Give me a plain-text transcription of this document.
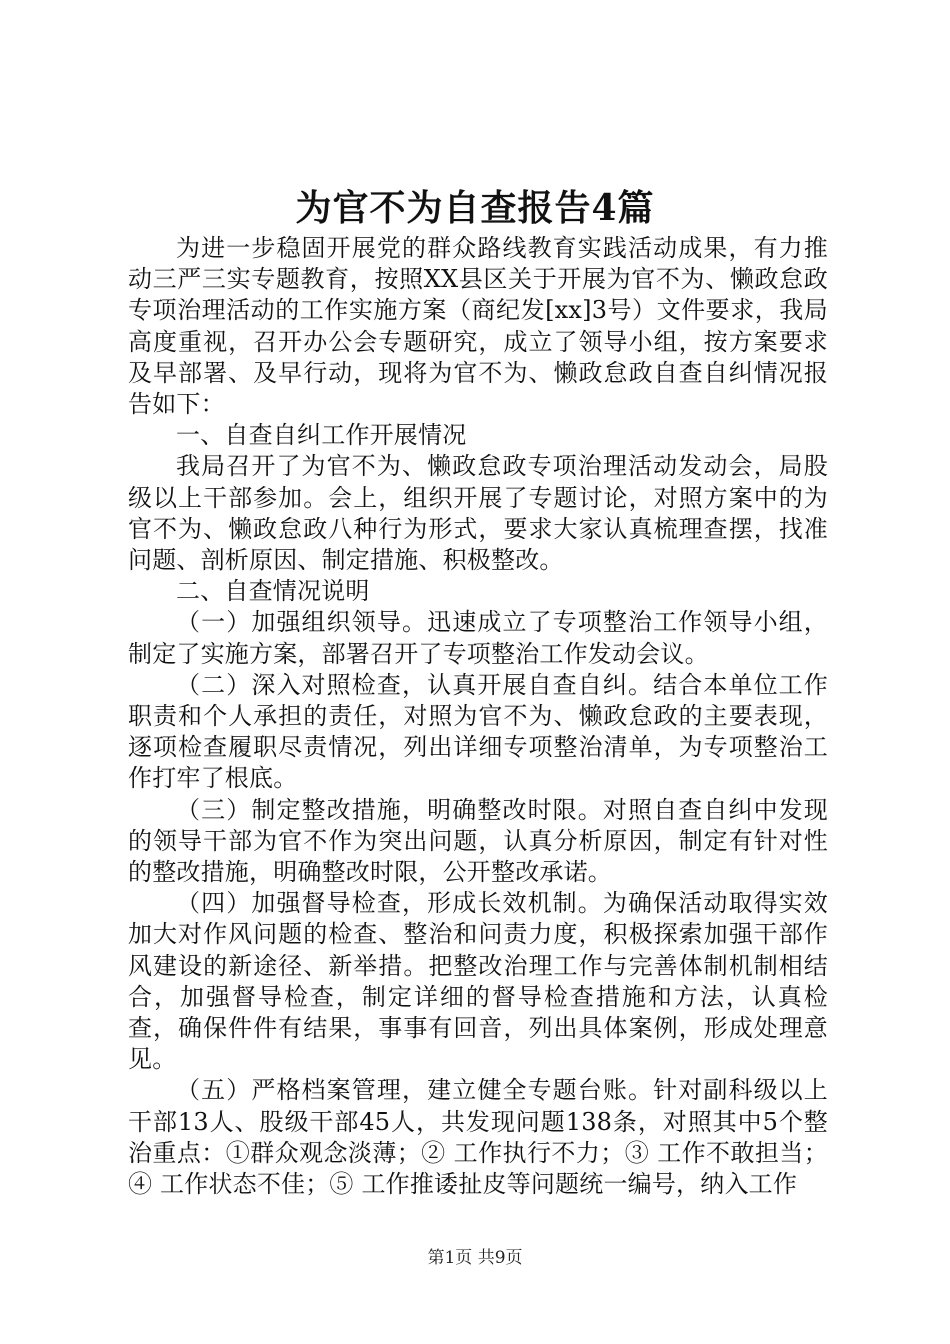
为官不为自查报告4篇

为进一步稳固开展党的群众路线教育实践活动成果，有力推动三严三实专题教育，按照XX县区关于开展为官不为、懒政怠政专项治理活动的工作实施方案（商纪发[xx]3号）文件要求，我局高度重视，召开办公会专题研究，成立了领导小组，按方案要求及早部署、及早行动，现将为官不为、懒政怠政自查自纠情况报告如下：

一、自查自纠工作开展情况

我局召开了为官不为、懒政怠政专项治理活动发动会，局股级以上干部参加。会上，组织开展了专题讨论，对照方案中的为官不为、懒政怠政八种行为形式，要求大家认真梳理查摆，找准问题、剖析原因、制定措施、积极整改。

二、自查情况说明

（一）加强组织领导。迅速成立了专项整治工作领导小组，制定了实施方案，部署召开了专项整治工作发动会议。

（二）深入对照检查，认真开展自查自纠。结合本单位工作职责和个人承担的责任，对照为官不为、懒政怠政的主要表现，逐项检查履职尽责情况，列出详细专项整治清单，为专项整治工作打牢了根底。

（三）制定整改措施，明确整改时限。对照自查自纠中发现的领导干部为官不作为突出问题，认真分析原因，制定有针对性的整改措施，明确整改时限，公开整改承诺。

（四）加强督导检查，形成长效机制。为确保活动取得实效加大对作风问题的检查、整治和问责力度，积极探索加强干部作风建设的新途径、新举措。把整改治理工作与完善体制机制相结合，加强督导检查，制定详细的督导检查措施和方法，认真检查，确保件件有结果，事事有回音，列出具体案例，形成处理意见。

（五）严格档案管理，建立健全专题台账。针对副科级以上干部13人、股级干部45人，共发现问题138条，对照其中5个整治重点：①群众观念淡薄；② 工作执行不力；③ 工作不敢担当；④ 工作状态不佳；⑤ 工作推诿扯皮等问题统一编号，纳入工作

第1页 共9页
